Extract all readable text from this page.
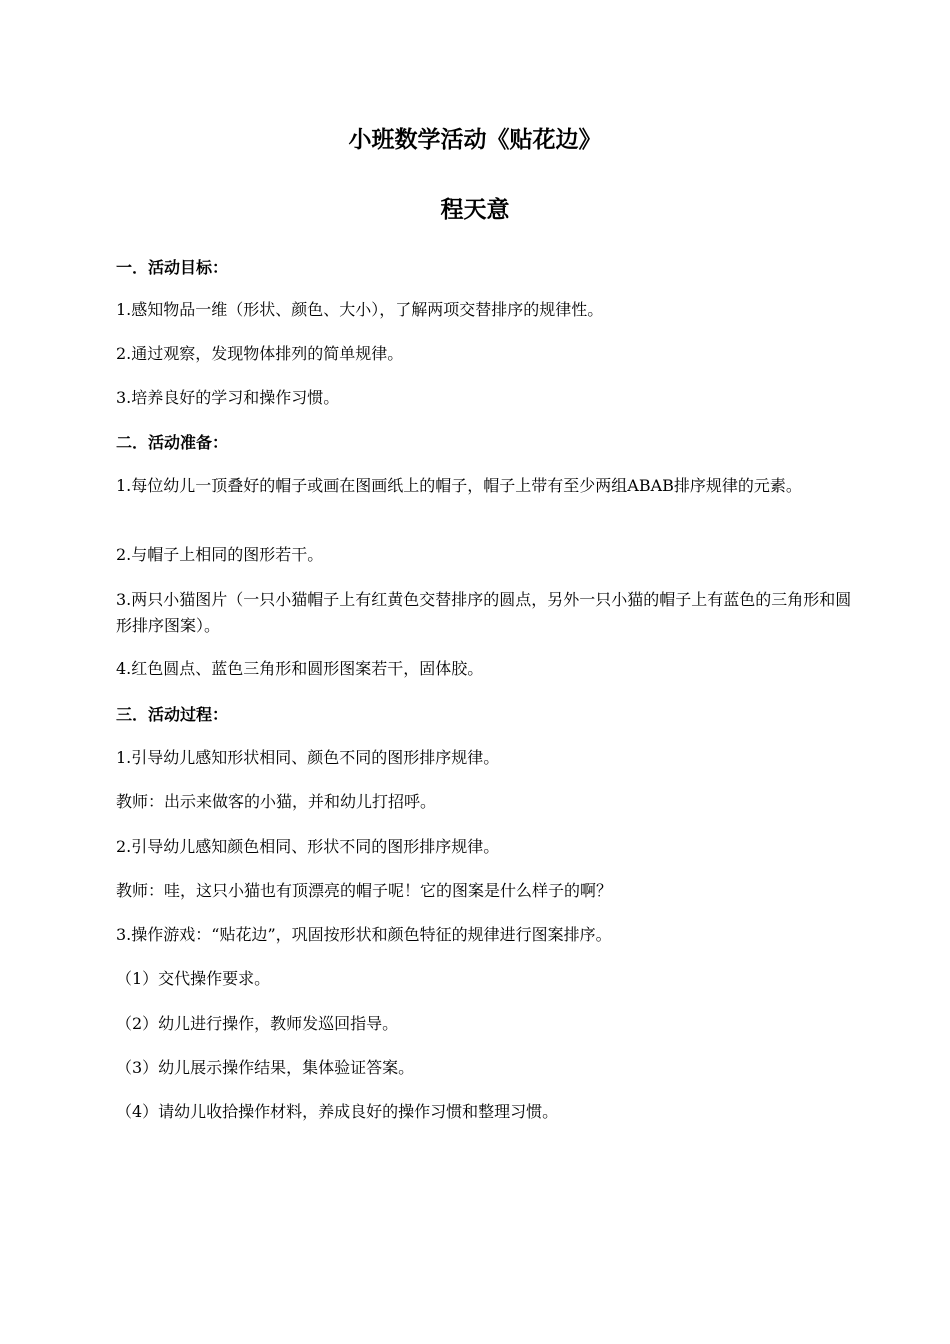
小班数学活动《贴花边》
程天意
一．活动目标：

1.感知物品一维（形状、颜色、大小），了解两项交替排序的规律性。

2.通过观察，发现物体排列的简单规律。

3.培养良好的学习和操作习惯。

二．活动准备：

1.每位幼儿一顶叠好的帽子或画在图画纸上的帽子，帽子上带有至少两组ABAB排序规律的元素。

2.与帽子上相同的图形若干。

3.两只小猫图片（一只小猫帽子上有红黄色交替排序的圆点，另外一只小猫的帽子上有蓝色的三角形和圆形排序图案）。

4.红色圆点、蓝色三角形和圆形图案若干，固体胶。

三．活动过程：

1.引导幼儿感知形状相同、颜色不同的图形排序规律。

教师：出示来做客的小猫，并和幼儿打招呼。

2.引导幼儿感知颜色相同、形状不同的图形排序规律。

教师：哇，这只小猫也有顶漂亮的帽子呢！它的图案是什么样子的啊？

3.操作游戏：“贴花边”，巩固按形状和颜色特征的规律进行图案排序。

（1）交代操作要求。

（2）幼儿进行操作，教师发巡回指导。

（3）幼儿展示操作结果，集体验证答案。

（4）请幼儿收拾操作材料，养成良好的操作习惯和整理习惯。
